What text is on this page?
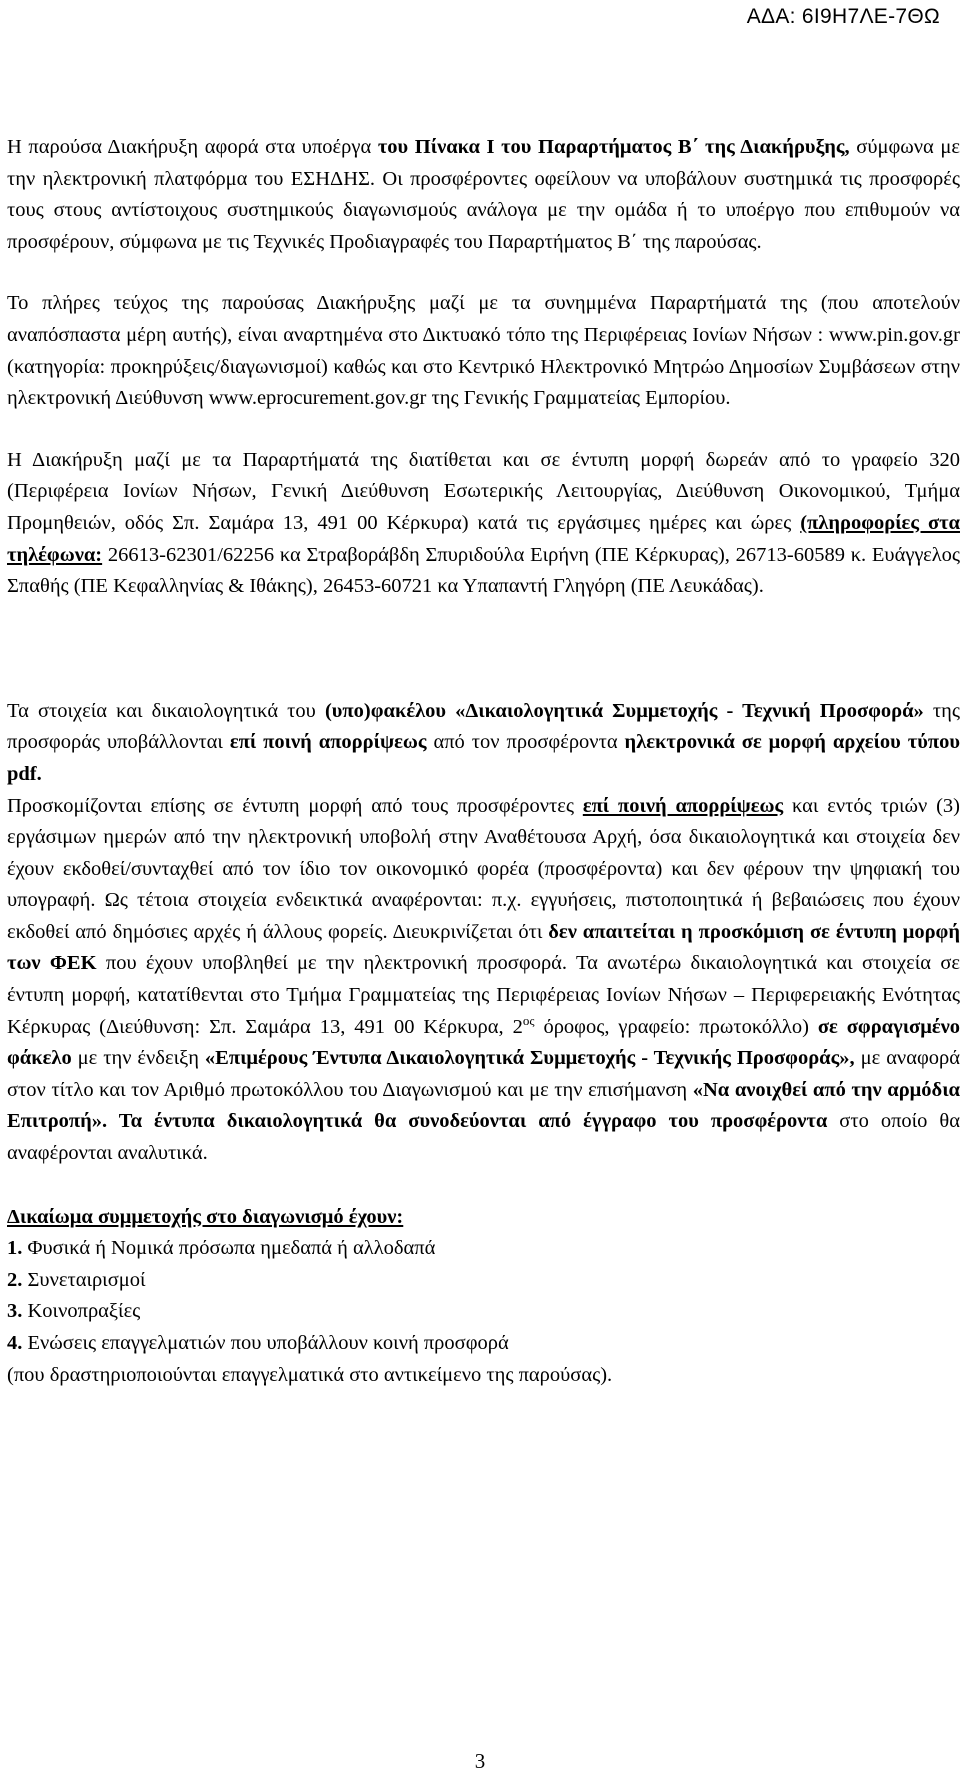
ΑΔΑ: 6Ι9Η7ΛΕ-7ΘΩ

Η παρούσα Διακήρυξη αφορά στα υποέργα του Πίνακα Ι του Παραρτήματος Β΄ της Διακήρυξης, σύμφωνα με την ηλεκτρονική πλατφόρμα του ΕΣΗΔΗΣ. Οι προσφέροντες οφείλουν να υποβάλουν συστημικά τις προσφορές τους στους αντίστοιχους συστημικούς διαγωνισμούς ανάλογα με την ομάδα ή το υποέργο που επιθυμούν να προσφέρουν, σύμφωνα με τις Τεχνικές Προδιαγραφές του Παραρτήματος Β΄ της παρούσας.

Το πλήρες τεύχος της παρούσας Διακήρυξης μαζί με τα συνημμένα Παραρτήματά της (που αποτελούν αναπόσπαστα μέρη αυτής), είναι αναρτημένα στο Δικτυακό τόπο της Περιφέρειας Ιονίων Νήσων : www.pin.gov.gr (κατηγορία: προκηρύξεις/διαγωνισμοί) καθώς και στο Κεντρικό Ηλεκτρονικό Μητρώο Δημοσίων Συμβάσεων στην ηλεκτρονική Διεύθυνση www.eprocurement.gov.gr της Γενικής Γραμματείας Εμπορίου.

Η Διακήρυξη μαζί με τα Παραρτήματά της διατίθεται και σε έντυπη μορφή δωρεάν από το γραφείο 320 (Περιφέρεια Ιονίων Νήσων, Γενική Διεύθυνση Εσωτερικής Λειτουργίας, Διεύθυνση Οικονομικού, Τμήμα Προμηθειών, οδός Σπ. Σαμάρα 13, 491 00 Κέρκυρα) κατά τις εργάσιμες ημέρες και ώρες (πληροφορίες στα τηλέφωνα: 26613-62301/62256 κα Στραβοράβδη Σπυριδούλα Ειρήνη (ΠΕ Κέρκυρας), 26713-60589 κ. Ευάγγελος Σπαθής (ΠΕ Κεφαλληνίας & Ιθάκης), 26453-60721 κα Υπαπαντή Γληγόρη (ΠΕ Λευκάδας).

Τα στοιχεία και δικαιολογητικά του (υπο)φακέλου «Δικαιολογητικά Συμμετοχής - Τεχνική Προσφορά» της προσφοράς υποβάλλονται επί ποινή απορρίψεως από τον προσφέροντα ηλεκτρονικά σε μορφή αρχείου τύπου pdf.

Προσκομίζονται επίσης σε έντυπη μορφή από τους προσφέροντες επί ποινή απορρίψεως και εντός τριών (3) εργάσιμων ημερών από την ηλεκτρονική υποβολή στην Αναθέτουσα Αρχή, όσα δικαιολογητικά και στοιχεία δεν έχουν εκδοθεί/συνταχθεί από τον ίδιο τον οικονομικό φορέα (προσφέροντα) και δεν φέρουν την ψηφιακή του υπογραφή. Ως τέτοια στοιχεία ενδεικτικά αναφέρονται: π.χ. εγγυήσεις, πιστοποιητικά ή βεβαιώσεις που έχουν εκδοθεί από δημόσιες αρχές ή άλλους φορείς. Διευκρινίζεται ότι δεν απαιτείται η προσκόμιση σε έντυπη μορφή των ΦΕΚ που έχουν υποβληθεί με την ηλεκτρονική προσφορά. Τα ανωτέρω δικαιολογητικά και στοιχεία σε έντυπη μορφή, κατατίθενται στο Τμήμα Γραμματείας της Περιφέρειας Ιονίων Νήσων – Περιφερειακής Ενότητας Κέρκυρας (Διεύθυνση: Σπ. Σαμάρα 13, 491 00 Κέρκυρα, $2^{o\varsigma}$ όροφος, γραφείο: πρωτοκόλλο) σε σφραγισμένο φάκελο με την ένδειξη «Επιμέρους Έντυπα Δικαιολογητικά Συμμετοχής - Τεχνικής Προσφοράς», με αναφορά στον τίτλο και τον Αριθμό πρωτοκόλλου του Διαγωνισμού και με την επισήμανση «Να ανοιχθεί από την αρμόδια Επιτροπή». Τα έντυπα δικαιολογητικά θα συνοδεύονται από έγγραφο του προσφέροντα στο οποίο θα αναφέρονται αναλυτικά.

Δικαίωμα συμμετοχής στο διαγωνισμό έχουν:
1. Φυσικά ή Νομικά πρόσωπα ημεδαπά ή αλλοδαπά
2. Συνεταιρισμοί
3. Κοινοπραξίες
4. Ενώσεις επαγγελματιών που υποβάλλουν κοινή προσφορά
(που δραστηριοποιούνται επαγγελματικά στο αντικείμενο της παρούσας).
3
